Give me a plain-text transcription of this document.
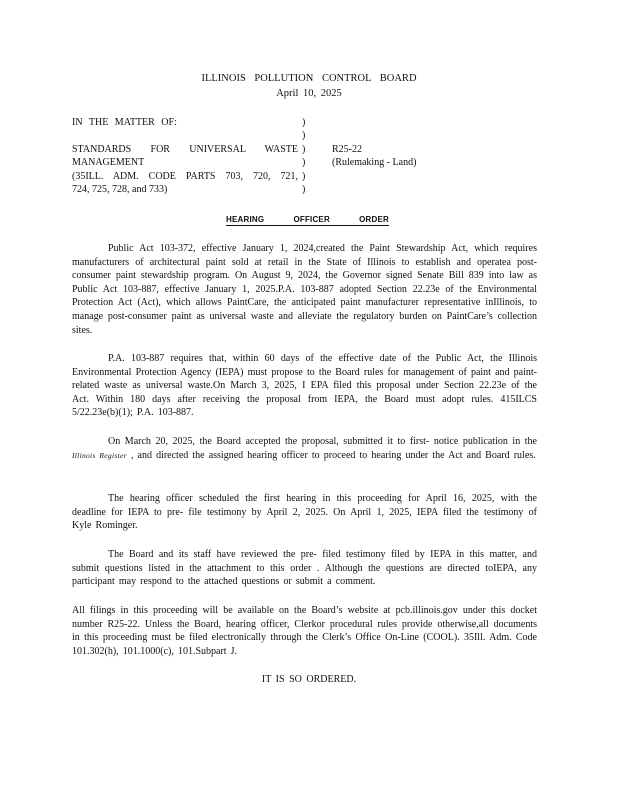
ILLINOIS POLLUTION CONTROL BOARD
April 10, 2025
IN THE MATTER OF:
STANDARDS FOR UNIVERSAL WASTE
MANAGEMENT
(35ILL. ADM. CODE PARTS 703, 720, 721,
724, 725, 728, and 733)
)
)
)
)
)
)
R25-22
(Rulemaking - Land)
HEARING	OFFICER	ORDER
Public Act 103-372, effective January 1, 2024,created the Paint Stewardship Act, which requires manufacturers of architectural paint sold at retail in the State of Illinois to establish and operatea post-consumer paint stewardship program. On August 9, 2024, the Governor signed Senate Bill 839 into law as Public Act 103-887, effective January 1, 2025.P.A. 103-887 adopted Section 22.23e of the Environmental Protection Act (Act), which allows PaintCare, the anticipated paint manufacturer representative inIllinois, to manage post-consumer paint as universal waste and alleviate the regulatory burden on PaintCare’s collection sites.
P.A. 103-887 requires that, within 60 days of the effective date of the Public Act, the Illinois Environmental Protection Agency (IEPA) must propose to the Board rules for management of paint and paint- related waste as universal waste.On March 3, 2025, I EPA filed this proposal under Section 22.23e of the Act. Within 180 days after receiving the proposal from IEPA, the Board must adopt rules. 415ILCS 5/22.23e(b)(1); P.A. 103-887.
On March 20, 2025, the Board accepted the proposal, submitted it to first- notice publication in the Illinois Register , and directed the assigned hearing officer to proceed to hearing under the Act and Board rules.
The hearing officer scheduled the first hearing in this proceeding for April 16, 2025, with the deadline for IEPA to pre- file testimony by April 2, 2025. On April 1, 2025, IEPA filed the testimony of Kyle Rominger.
The Board and its staff have reviewed the pre- filed testimony filed by IEPA in this matter, and submit questions listed in the attachment to this order . Although the questions are directed toIEPA, any participant may respond to the attached questions or submit a comment.
All filings in this proceeding will be available on the Board’s website at pcb.illinois.gov under this docket number R25-22. Unless the Board, hearing officer, Clerkor procedural rules provide otherwise,all documents in this proceeding must be filed electronically through the Clerk’s Office On-Line (COOL). 35Ill. Adm. Code 101.302(h), 101.1000(c), 101.Subpart J.
IT IS SO ORDERED.
